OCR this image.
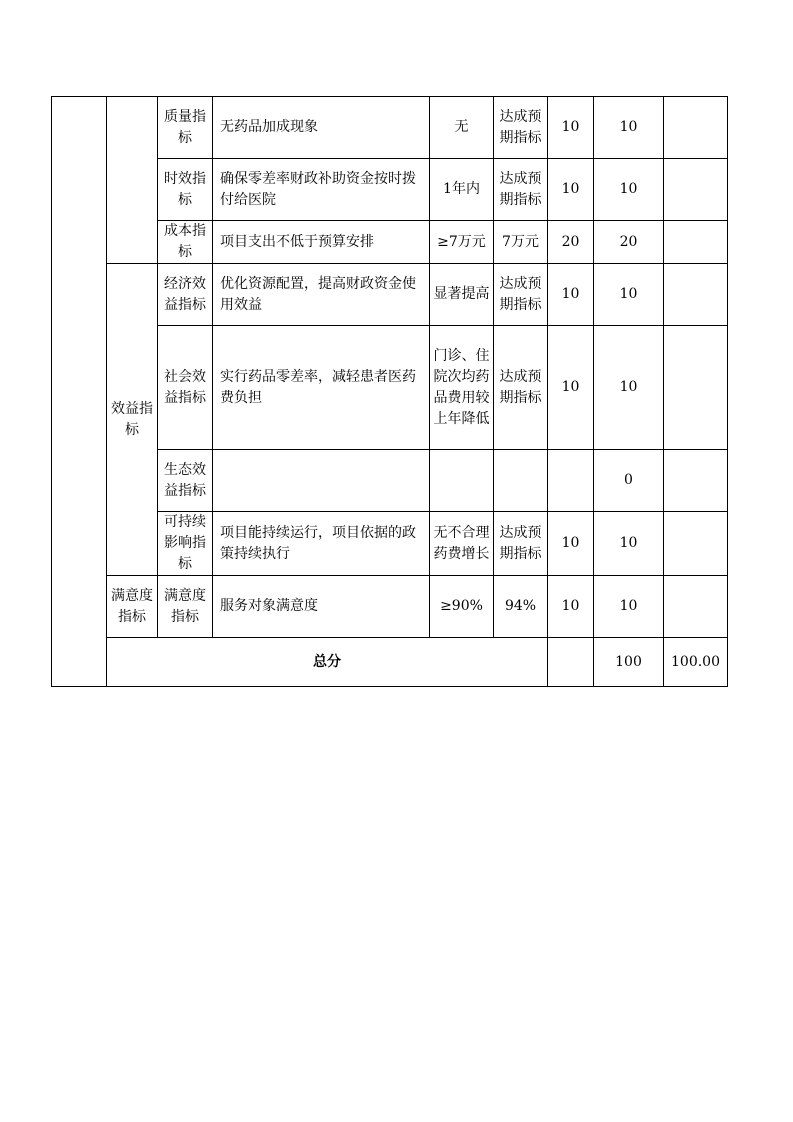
		质量指标	无药品加成现象	无	达成预期指标	10	10		
		时效指标	确保零差率财政补助资金按时拨付给医院	1年内	达成预期指标	10	10		
		成本指标	项目支出不低于预算安排	≥7万元	7万元	20	20		
	效益指标	经济效益指标	优化资源配置，提高财政资金使用效益	显著提高	达成预期指标	10	10		
		社会效益指标	实行药品零差率，减轻患者医药费负担	门诊、住院次均药品费用较上年降低	达成预期指标	10	10		
		生态效益指标					0		
		可持续影响指标	项目能持续运行，项目依据的政策持续执行	无不合理药费增长	达成预期指标	10	10		
	满意度指标	满意度指标	服务对象满意度	≥90%	94%	10	10		
	总分						100	100.00	
